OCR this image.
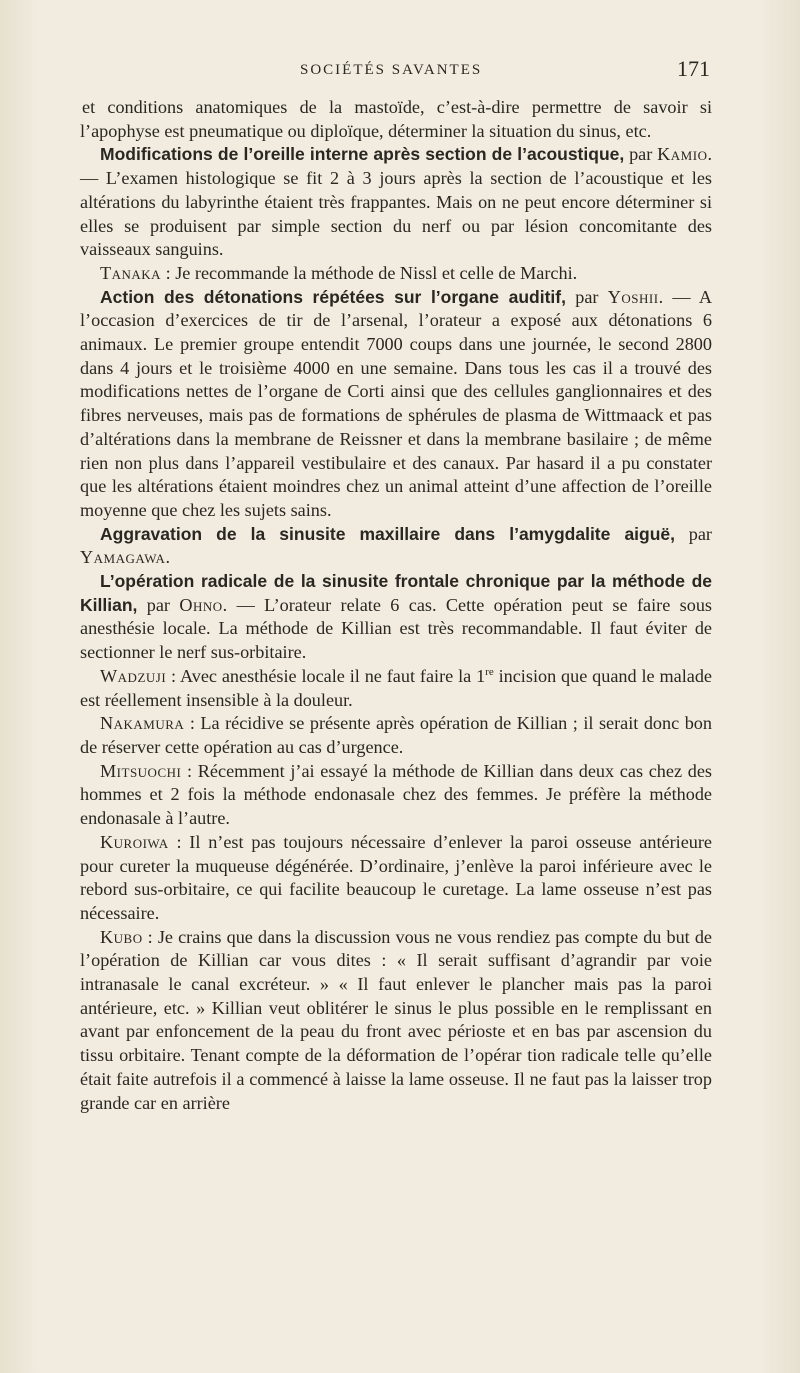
SOCIÉTÉS SAVANTES	171

et conditions anatomiques de la mastoïde, c’est-à-dire permettre de savoir si l’apophyse est pneumatique ou diploïque, déterminer la situation du sinus, etc.

Modifications de l’oreille interne après section de l’acoustique, par Kamio. — L’examen histologique se fit 2 à 3 jours après la section de l’acoustique et les altérations du labyrinthe étaient très frappantes. Mais on ne peut encore déterminer si elles se produisent par simple section du nerf ou par lésion concomitante des vaisseaux sanguins.

Tanaka : Je recommande la méthode de Nissl et celle de Marchi.

Action des détonations répétées sur l’organe auditif, par Yoshii. — A l’occasion d’exercices de tir de l’arsenal, l’orateur a exposé aux détonations 6 animaux. Le premier groupe entendit 7000 coups dans une journée, le second 2800 dans 4 jours et le troisième 4000 en une semaine. Dans tous les cas il a trouvé des modifications nettes de l’organe de Corti ainsi que des cellules ganglionnaires et des fibres nerveuses, mais pas de formations de sphérules de plasma de Wittmaack et pas d’altérations dans la membrane de Reissner et dans la membrane basilaire ; de même rien non plus dans l’appareil vestibulaire et des canaux. Par hasard il a pu constater que les altérations étaient moindres chez un animal atteint d’une affection de l’oreille moyenne que chez les sujets sains.

Aggravation de la sinusite maxillaire dans l’amygdalite aiguë, par Yamagawa.

L’opération radicale de la sinusite frontale chronique par la méthode de Killian, par Ohno. — L’orateur relate 6 cas. Cette opération peut se faire sous anesthésie locale. La méthode de Killian est très recommandable. Il faut éviter de sectionner le nerf sus-orbitaire.

Wadzuji : Avec anesthésie locale il ne faut faire la 1re incision que quand le malade est réellement insensible à la douleur.

Nakamura : La récidive se présente après opération de Killian ; il serait donc bon de réserver cette opération au cas d’urgence.

Mitsuochi : Récemment j’ai essayé la méthode de Killian dans deux cas chez des hommes et 2 fois la méthode endonasale chez des femmes. Je préfère la méthode endonasale à l’autre.

Kuroiwa : Il n’est pas toujours nécessaire d’enlever la paroi osseuse antérieure pour cureter la muqueuse dégénérée. D’ordinaire, j’enlève la paroi inférieure avec le rebord sus-orbitaire, ce qui facilite beaucoup le curetage. La lame osseuse n’est pas nécessaire.

Kubo : Je crains que dans la discussion vous ne vous rendiez pas compte du but de l’opération de Killian car vous dites : « Il serait suffisant d’agrandir par voie intranasale le canal excréteur. » « Il faut enlever le plancher mais pas la paroi antérieure, etc. » Killian veut oblitérer le sinus le plus possible en le remplissant en avant par enfoncement de la peau du front avec périoste et en bas par ascension du tissu orbitaire. Tenant compte de la déformation de l’opérar tion radicale telle qu’elle était faite autrefois il a commencé à laisse la lame osseuse. Il ne faut pas la laisser trop grande car en arrière
